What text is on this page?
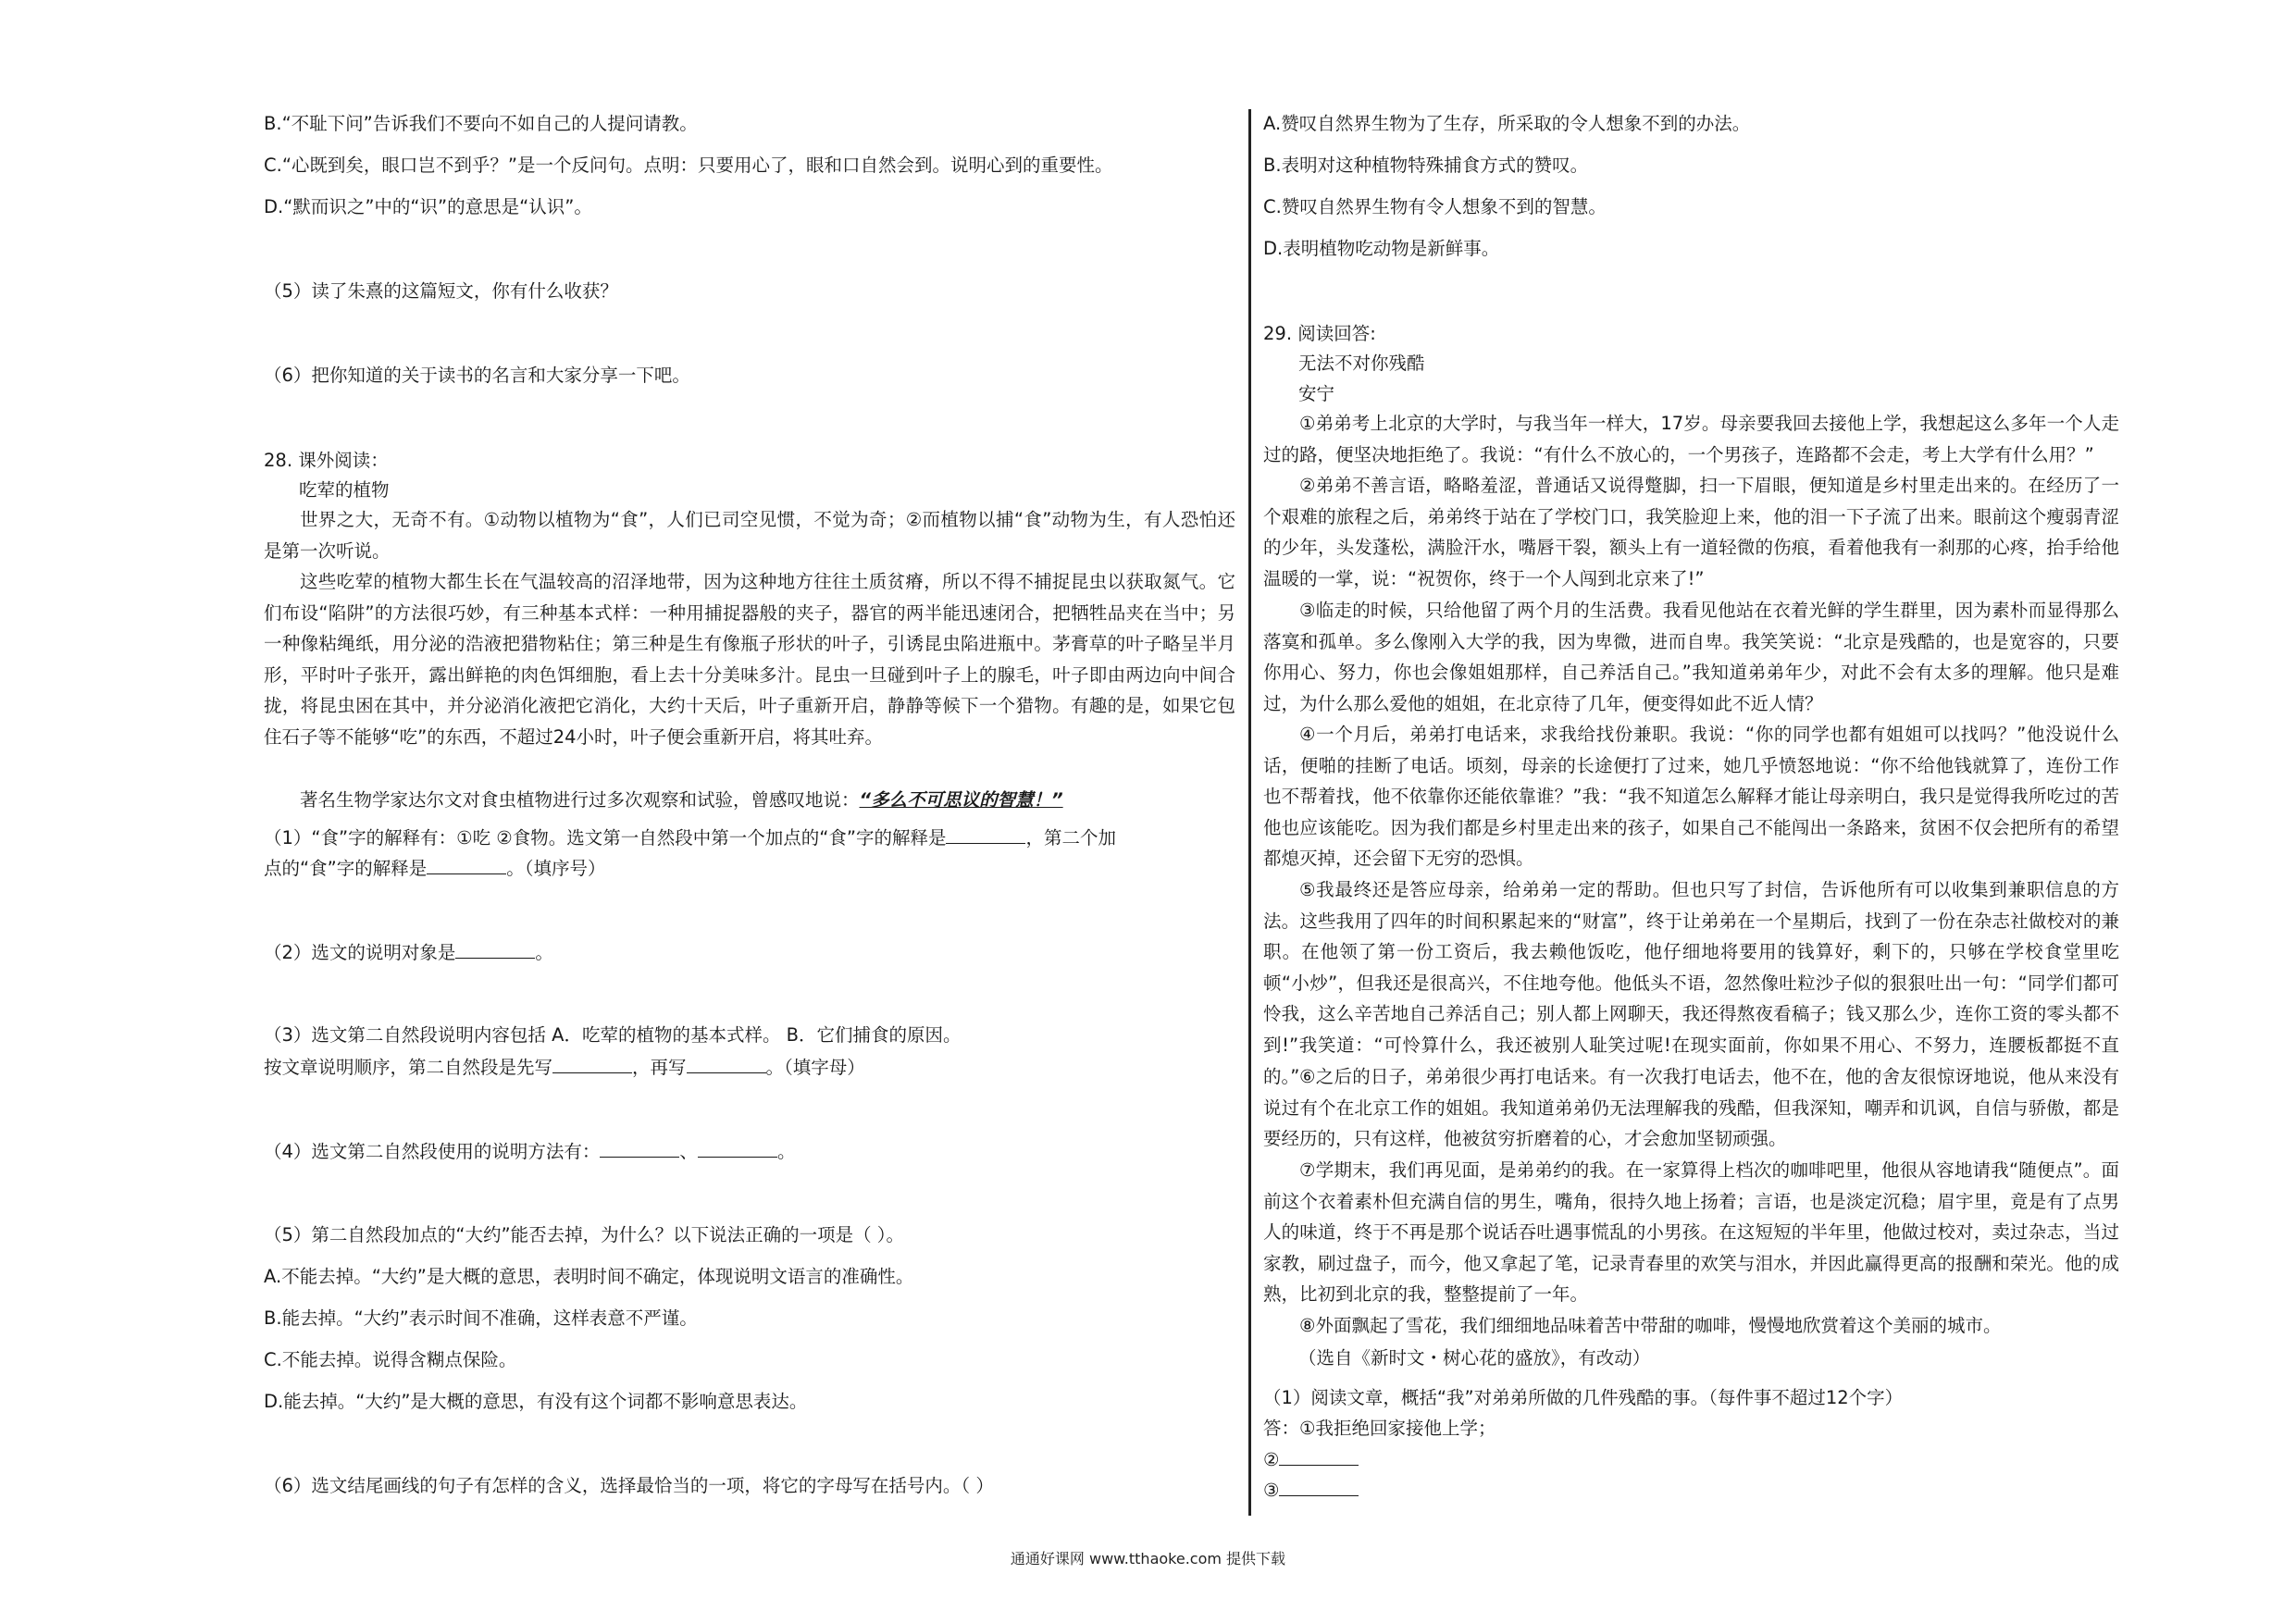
B.“不耻下问”告诉我们不要向不如自己的人提问请教。
C.“心既到矣，眼口岂不到乎？”是一个反问句。点明：只要用心了，眼和口自然会到。说明心到的重要性。
D.“默而识之”中的“识”的意思是“认识”。
（5）读了朱熹的这篇短文，你有什么收获？
（6）把你知道的关于读书的名言和大家分享一下吧。
28. 课外阅读：
吃荤的植物
世界之大，无奇不有。①动物以植物为“食”，人们已司空见惯，不觉为奇；②而植物以捕“食”动物为生，有人恐怕还是第一次听说。
这些吃荤的植物大都生长在气温较高的沼泽地带，因为这种地方往往土质贫瘠，所以不得不捕捉昆虫以获取氮气。它们布设“陷阱”的方法很巧妙，有三种基本式样：一种用捕捉器般的夹子，器官的两半能迅速闭合，把牺牲品夹在当中；另一种像粘绳纸，用分泌的浩液把猎物粘住；第三种是生有像瓶子形状的叶子，引诱昆虫陷进瓶中。茅膏草的叶子略呈半月形，平时叶子张开，露出鲜艳的肉色饵细胞，看上去十分美味多汁。昆虫一旦碰到叶子上的腺毛，叶子即由两边向中间合拢，将昆虫困在其中，并分泌消化液把它消化，大约十天后，叶子重新开启，静静等候下一个猎物。有趣的是，如果它包住石子等不能够“吃”的东西，不超过24小时，叶子便会重新开启，将其吐弃。
著名生物学家达尔文对食虫植物进行过多次观察和试验，曾感叹地说：“多么不可思议的智慧！”
（1）“食”字的解释有：①吃 ②食物。选文第一自然段中第一个加点的“食”字的解释是	，第二个加
点的“食”字的解释是	。（填序号）
（2）选文的说明对象是	。
（3）选文第二自然段说明内容包括 A．吃荤的植物的基本式样。 B．它们捕食的原因。
按文章说明顺序，第二自然段是先写	，再写	。（填字母）
（4）选文第二自然段使用的说明方法有：	、	。
（5）第二自然段加点的“大约”能否去掉，为什么？以下说法正确的一项是（ ）。
A.不能去掉。“大约”是大概的意思，表明时间不确定，体现说明文语言的准确性。
B.能去掉。“大约”表示时间不准确，这样表意不严谨。
C.不能去掉。说得含糊点保险。
D.能去掉。“大约”是大概的意思，有没有这个词都不影响意思表达。
（6）选文结尾画线的句子有怎样的含义，选择最恰当的一项，将它的字母写在括号内。（ ）
A.赞叹自然界生物为了生存，所采取的令人想象不到的办法。
B.表明对这种植物特殊捕食方式的赞叹。
C.赞叹自然界生物有令人想象不到的智慧。
D.表明植物吃动物是新鲜事。
29. 阅读回答:
无法不对你残酷
安宁
①弟弟考上北京的大学时，与我当年一样大，17岁。母亲要我回去接他上学，我想起这么多年一个人走过的路，便坚决地拒绝了。我说：“有什么不放心的，一个男孩子，连路都不会走，考上大学有什么用？”
②弟弟不善言语，略略羞涩，普通话又说得蹩脚，扫一下眉眼，便知道是乡村里走出来的。在经历了一个艰难的旅程之后，弟弟终于站在了学校门口，我笑脸迎上来，他的泪一下子流了出来。眼前这个瘦弱青涩的少年，头发蓬松，满脸汗水，嘴唇干裂，额头上有一道轻微的伤痕，看着他我有一刹那的心疼，抬手给他温暖的一掌，说：“祝贺你，终于一个人闯到北京来了!”
③临走的时候，只给他留了两个月的生活费。我看见他站在衣着光鲜的学生群里，因为素朴而显得那么落寞和孤单。多么像刚入大学的我，因为卑微，进而自卑。我笑笑说：“北京是残酷的，也是宽容的，只要你用心、努力，你也会像姐姐那样，自己养活自己。”我知道弟弟年少，对此不会有太多的理解。他只是难过，为什么那么爱他的姐姐，在北京待了几年，便变得如此不近人情？
④一个月后，弟弟打电话来，求我给找份兼职。我说：“你的同学也都有姐姐可以找吗？”他没说什么话，便啪的挂断了电话。顷刻，母亲的长途便打了过来，她几乎愤怒地说：“你不给他钱就算了，连份工作也不帮着找，他不依靠你还能依靠谁？”我：“我不知道怎么解释才能让母亲明白，我只是觉得我所吃过的苦他也应该能吃。因为我们都是乡村里走出来的孩子，如果自己不能闯出一条路来，贫困不仅会把所有的希望都熄灭掉，还会留下无穷的恐惧。
⑤我最终还是答应母亲，给弟弟一定的帮助。但也只写了封信，告诉他所有可以收集到兼职信息的方法。这些我用了四年的时间积累起来的“财富”，终于让弟弟在一个星期后，找到了一份在杂志社做校对的兼职。在他领了第一份工资后，我去赖他饭吃，他仔细地将要用的钱算好，剩下的，只够在学校食堂里吃顿“小炒”，但我还是很高兴，不住地夸他。他低头不语，忽然像吐粒沙子似的狠狠吐出一句：“同学们都可怜我，这么辛苦地自己养活自己；别人都上网聊天，我还得熬夜看稿子；钱又那么少，连你工资的零头都不到!”我笑道：“可怜算什么，我还被别人耻笑过呢!在现实面前，你如果不用心、不努力，连腰板都挺不直的。” ⑥之后的日子，弟弟很少再打电话来。有一次我打电话去，他不在，他的舍友很惊讶地说，他从来没有说过有个在北京工作的姐姐。我知道弟弟仍无法理解我的残酷，但我深知，嘲弄和讥讽，自信与骄傲，都是要经历的，只有这样，他被贫穷折磨着的心，才会愈加坚韧顽强。
⑦学期末，我们再见面，是弟弟约的我。在一家算得上档次的咖啡吧里，他很从容地请我“随便点”。面前这个衣着素朴但充满自信的男生，嘴角，很持久地上扬着；言语，也是淡定沉稳；眉宇里，竟是有了点男人的味道，终于不再是那个说话吞吐遇事慌乱的小男孩。在这短短的半年里，他做过校对，卖过杂志，当过家教，刷过盘子，而今，他又拿起了笔，记录青春里的欢笑与泪水，并因此赢得更高的报酬和荣光。他的成熟，比初到北京的我，整整提前了一年。
⑧外面飘起了雪花，我们细细地品味着苦中带甜的咖啡，慢慢地欣赏着这个美丽的城市。
（选自《新时文・树心花的盛放》，有改动）
（1）阅读文章，概括“我”对弟弟所做的几件残酷的事。（每件事不超过12个字）
答：①我拒绝回家接他上学；
②
③
通通好课网 www.tthaoke.com 提供下载
